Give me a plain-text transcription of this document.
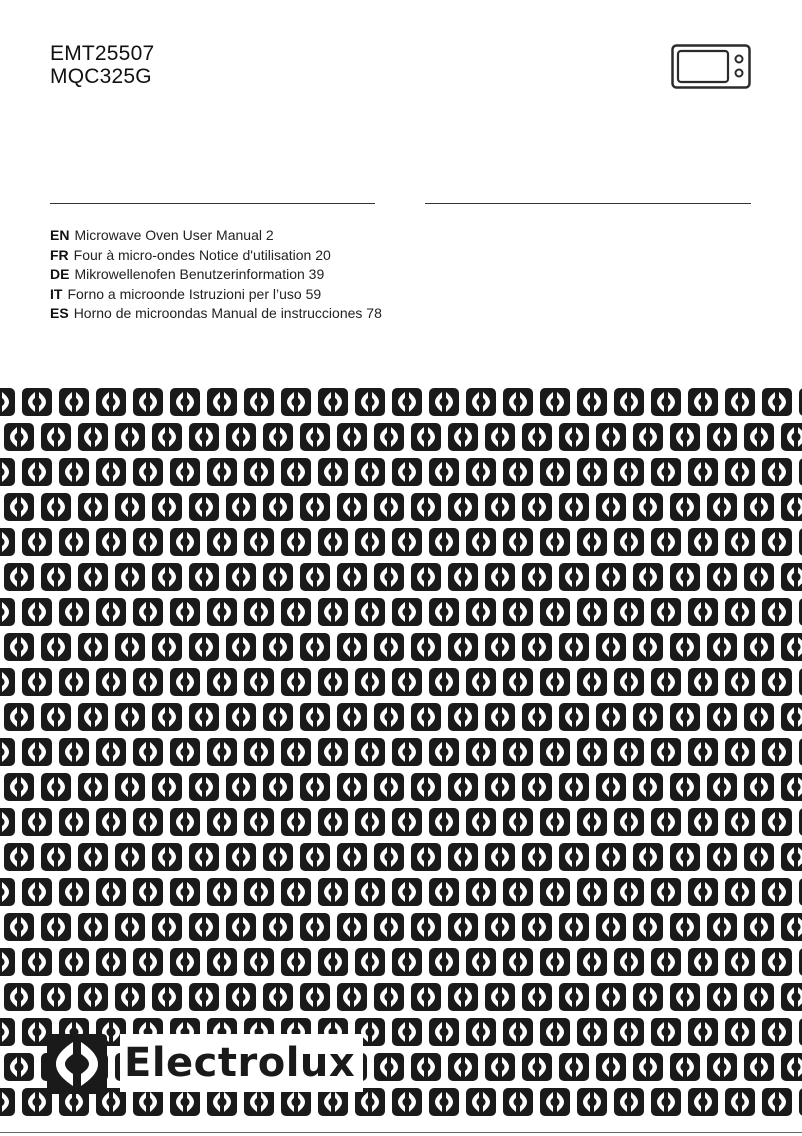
EMT25507
MQC325G
EN Microwave Oven User Manual 2
FR Four à micro-ondes Notice d'utilisation 20
DE Mikrowellenofen Benutzerinformation 39
IT Forno a microonde Istruzioni per l’uso 59
ES Horno de microondas Manual de instrucciones 78
Electrolux
